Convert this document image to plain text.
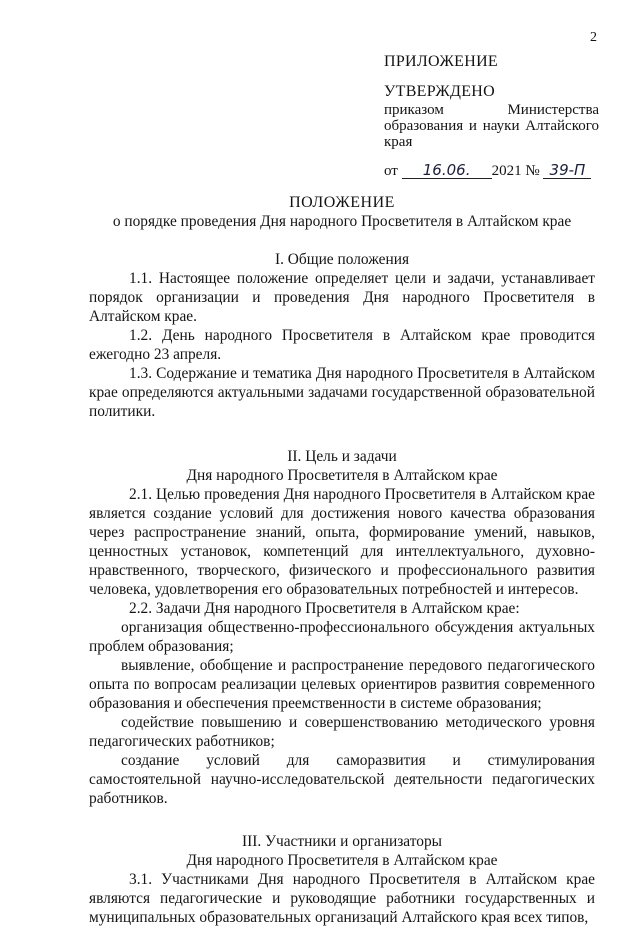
2
ПРИЛОЖЕНИЕ
УТВЕРЖДЕНО
приказом	Министерства
образования и науки Алтайского края
от 16.06. 2021 № 39-П
ПОЛОЖЕНИЕ
о порядке проведения Дня народного Просветителя в Алтайском крае
I. Общие положения

1.1. Настоящее положение определяет цели и задачи, устанавливает порядок организации и проведения Дня народного Просветителя в Алтайском крае.

1.2. День народного Просветителя в Алтайском крае проводится ежегодно 23 апреля.

1.3. Содержание и тематика Дня народного Просветителя в Алтайском крае определяются актуальными задачами государственной образовательной политики.

II. Цель и задачи
Дня народного Просветителя в Алтайском крае

2.1. Целью проведения Дня народного Просветителя в Алтайском крае является создание условий для достижения нового качества образования через распространение знаний, опыта, формирование умений, навыков, ценностных установок, компетенций для интеллектуального, духовно-нравственного, творческого, физического и профессионального развития человека, удовлетворения его образовательных потребностей и интересов.

2.2. Задачи Дня народного Просветителя в Алтайском крае:

организация общественно-профессионального обсуждения актуальных проблем образования;

выявление, обобщение и распространение передового педагогического опыта по вопросам реализации целевых ориентиров развития современного образования и обеспечения преемственности в системе образования;

содействие повышению и совершенствованию методического уровня педагогических работников;

создание условий для саморазвития и стимулирования самостоятельной научно-исследовательской деятельности педагогических работников.

III. Участники и организаторы
Дня народного Просветителя в Алтайском крае

3.1. Участниками Дня народного Просветителя в Алтайском крае являются педагогические и руководящие работники государственных и муниципальных образовательных организаций Алтайского края всех типов,
